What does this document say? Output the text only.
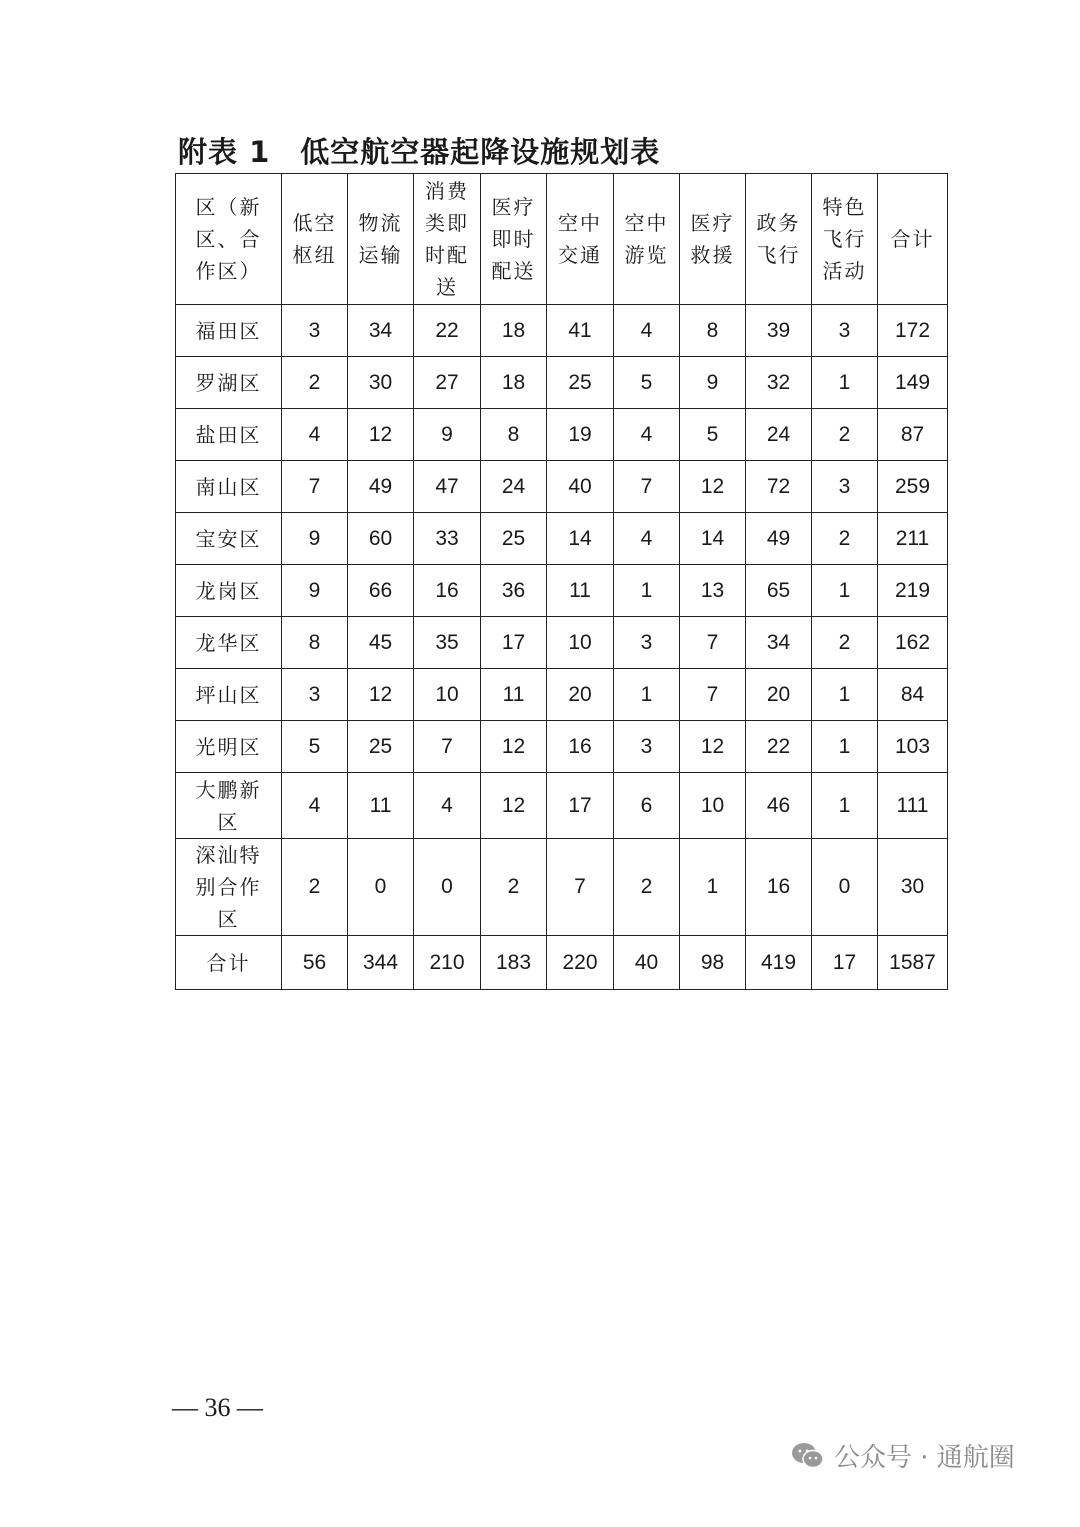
附表 1 低空航空器起降设施规划表
区（新区、合作区）	低空枢纽	物流运输	消费类即时配送	医疗即时配送	空中交通	空中游览	医疗救援	政务飞行	特色飞行活动	合计
福田区	3	34	22	18	41	4	8	39	3	172
罗湖区	2	30	27	18	25	5	9	32	1	149
盐田区	4	12	9	8	19	4	5	24	2	87
南山区	7	49	47	24	40	7	12	72	3	259
宝安区	9	60	33	25	14	4	14	49	2	211
龙岗区	9	66	16	36	11	1	13	65	1	219
龙华区	8	45	35	17	10	3	7	34	2	162
坪山区	3	12	10	11	20	1	7	20	1	84
光明区	5	25	7	12	16	3	12	22	1	103
大鹏新区	4	11	4	12	17	6	10	46	1	111
深汕特别合作区	2	0	0	2	7	2	1	16	0	30
合计	56	344	210	183	220	40	98	419	17	1587
— 36 —
公众号 · 通航圈
